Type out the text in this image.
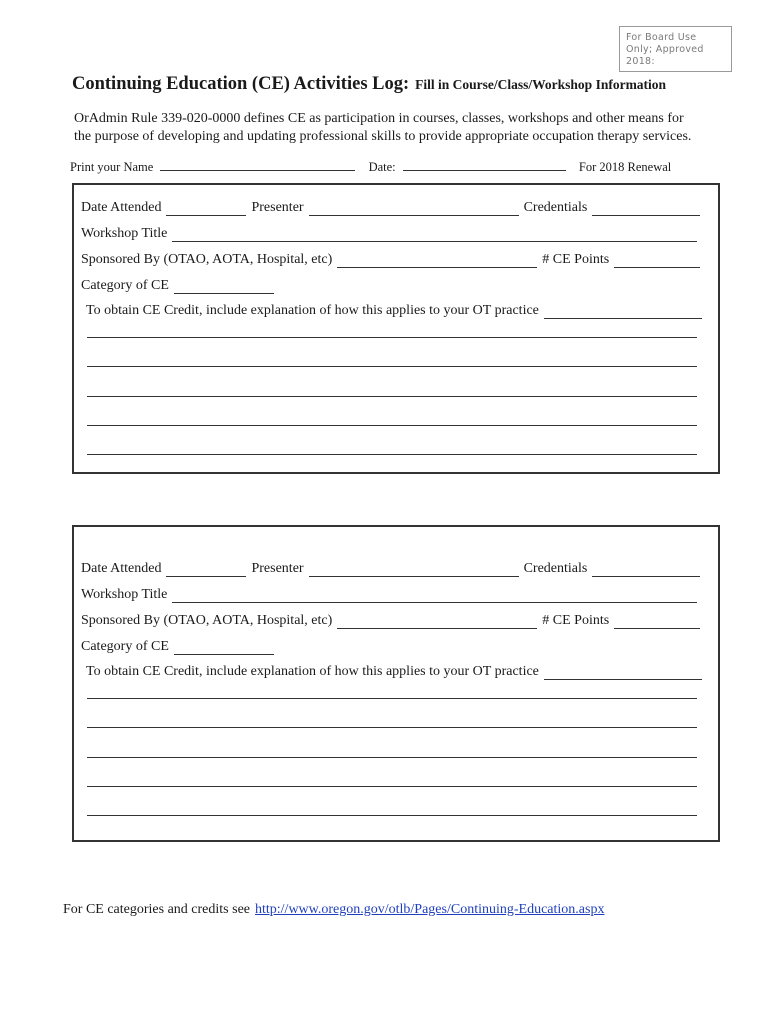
For Board Use
Only; Approved
2018:
Continuing Education (CE) Activities Log: Fill in Course/Class/Workshop Information
OrAdmin Rule 339-020-0000 defines CE as participation in courses, classes, workshops and other means for
the purpose of developing and updating professional skills to provide appropriate occupation therapy services.
Print your Name	Date:	For 2018 Renewal
For CE categories and credits see http://www.oregon.gov/otlb/Pages/Continuing-Education.aspx
Date Attended	Presenter	Credentials
Workshop Title
Sponsored By (OTAO, AOTA, Hospital, etc)	# CE Points
Category of CE
To obtain CE Credit, include explanation of how this applies to your OT practice
Date Attended	Presenter	Credentials
Workshop Title
Sponsored By (OTAO, AOTA, Hospital, etc)	# CE Points
Category of CE
To obtain CE Credit, include explanation of how this applies to your OT practice
